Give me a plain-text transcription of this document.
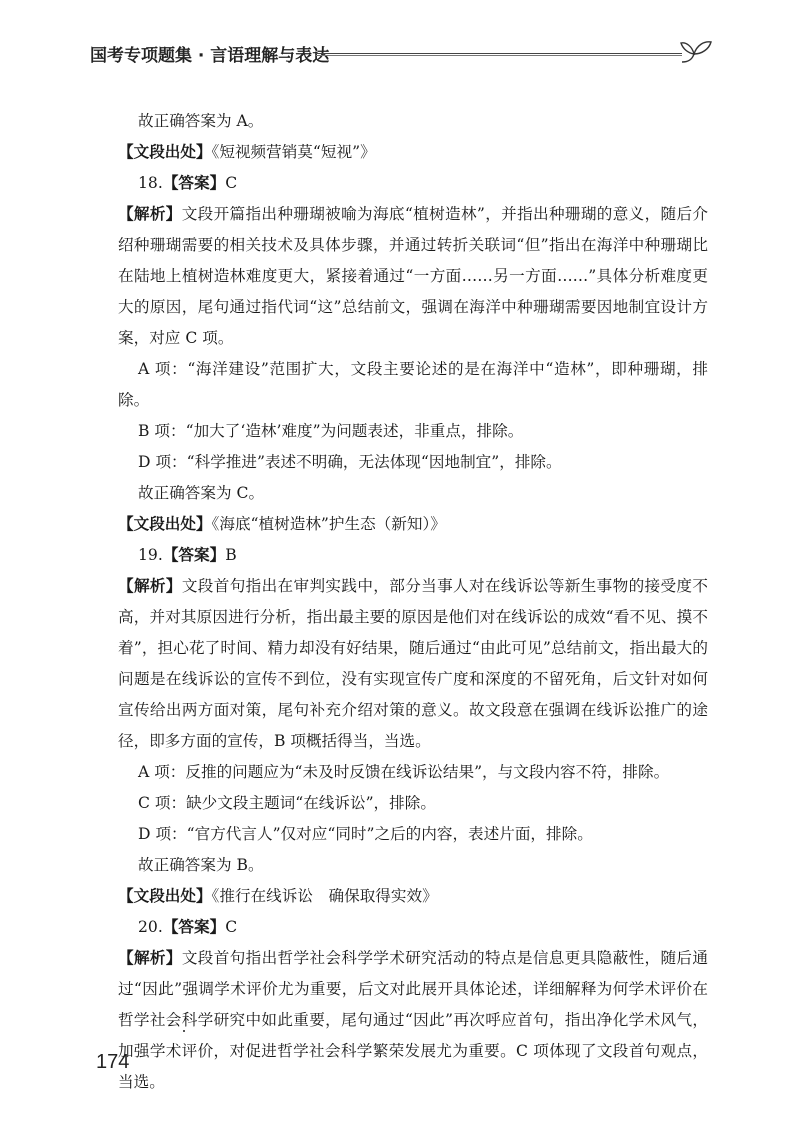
国考专项题集 · 言语理解与表达

故正确答案为 A。

【文段出处】《短视频营销莫“短视”》

18.【答案】C

【解析】文段开篇指出种珊瑚被喻为海底“植树造林”，并指出种珊瑚的意义，随后介绍种珊瑚需要的相关技术及具体步骤，并通过转折关联词“但”指出在海洋中种珊瑚比在陆地上植树造林难度更大，紧接着通过“一方面……另一方面……”具体分析难度更大的原因，尾句通过指代词“这”总结前文，强调在海洋中种珊瑚需要因地制宜设计方案，对应 C 项。

A 项：“海洋建设”范围扩大，文段主要论述的是在海洋中“造林”，即种珊瑚，排除。

B 项：“加大了‘造林’难度”为问题表述，非重点，排除。

D 项：“科学推进”表述不明确，无法体现“因地制宜”，排除。

故正确答案为 C。

【文段出处】《海底“植树造林”护生态（新知）》

19.【答案】B

【解析】文段首句指出在审判实践中，部分当事人对在线诉讼等新生事物的接受度不高，并对其原因进行分析，指出最主要的原因是他们对在线诉讼的成效“看不见、摸不着”，担心花了时间、精力却没有好结果，随后通过“由此可见”总结前文，指出最大的问题是在线诉讼的宣传不到位，没有实现宣传广度和深度的不留死角，后文针对如何宣传给出两方面对策，尾句补充介绍对策的意义。故文段意在强调在线诉讼推广的途径，即多方面的宣传，B 项概括得当，当选。

A 项：反推的问题应为“未及时反馈在线诉讼结果”，与文段内容不符，排除。

C 项：缺少文段主题词“在线诉讼”，排除。

D 项：“官方代言人”仅对应“同时”之后的内容，表述片面，排除。

故正确答案为 B。

【文段出处】《推行在线诉讼　确保取得实效》

20.【答案】C

【解析】文段首句指出哲学社会科学学术研究活动的特点是信息更具隐蔽性，随后通过“因此”强调学术评价尤为重要，后文对此展开具体论述，详细解释为何学术评价在哲学社会科学研究中如此重要，尾句通过“因此”再次呼应首句，指出净化学术风气，加强学术评价，对促进哲学社会科学繁荣发展尤为重要。C 项体现了文段首句观点，当选。

174
